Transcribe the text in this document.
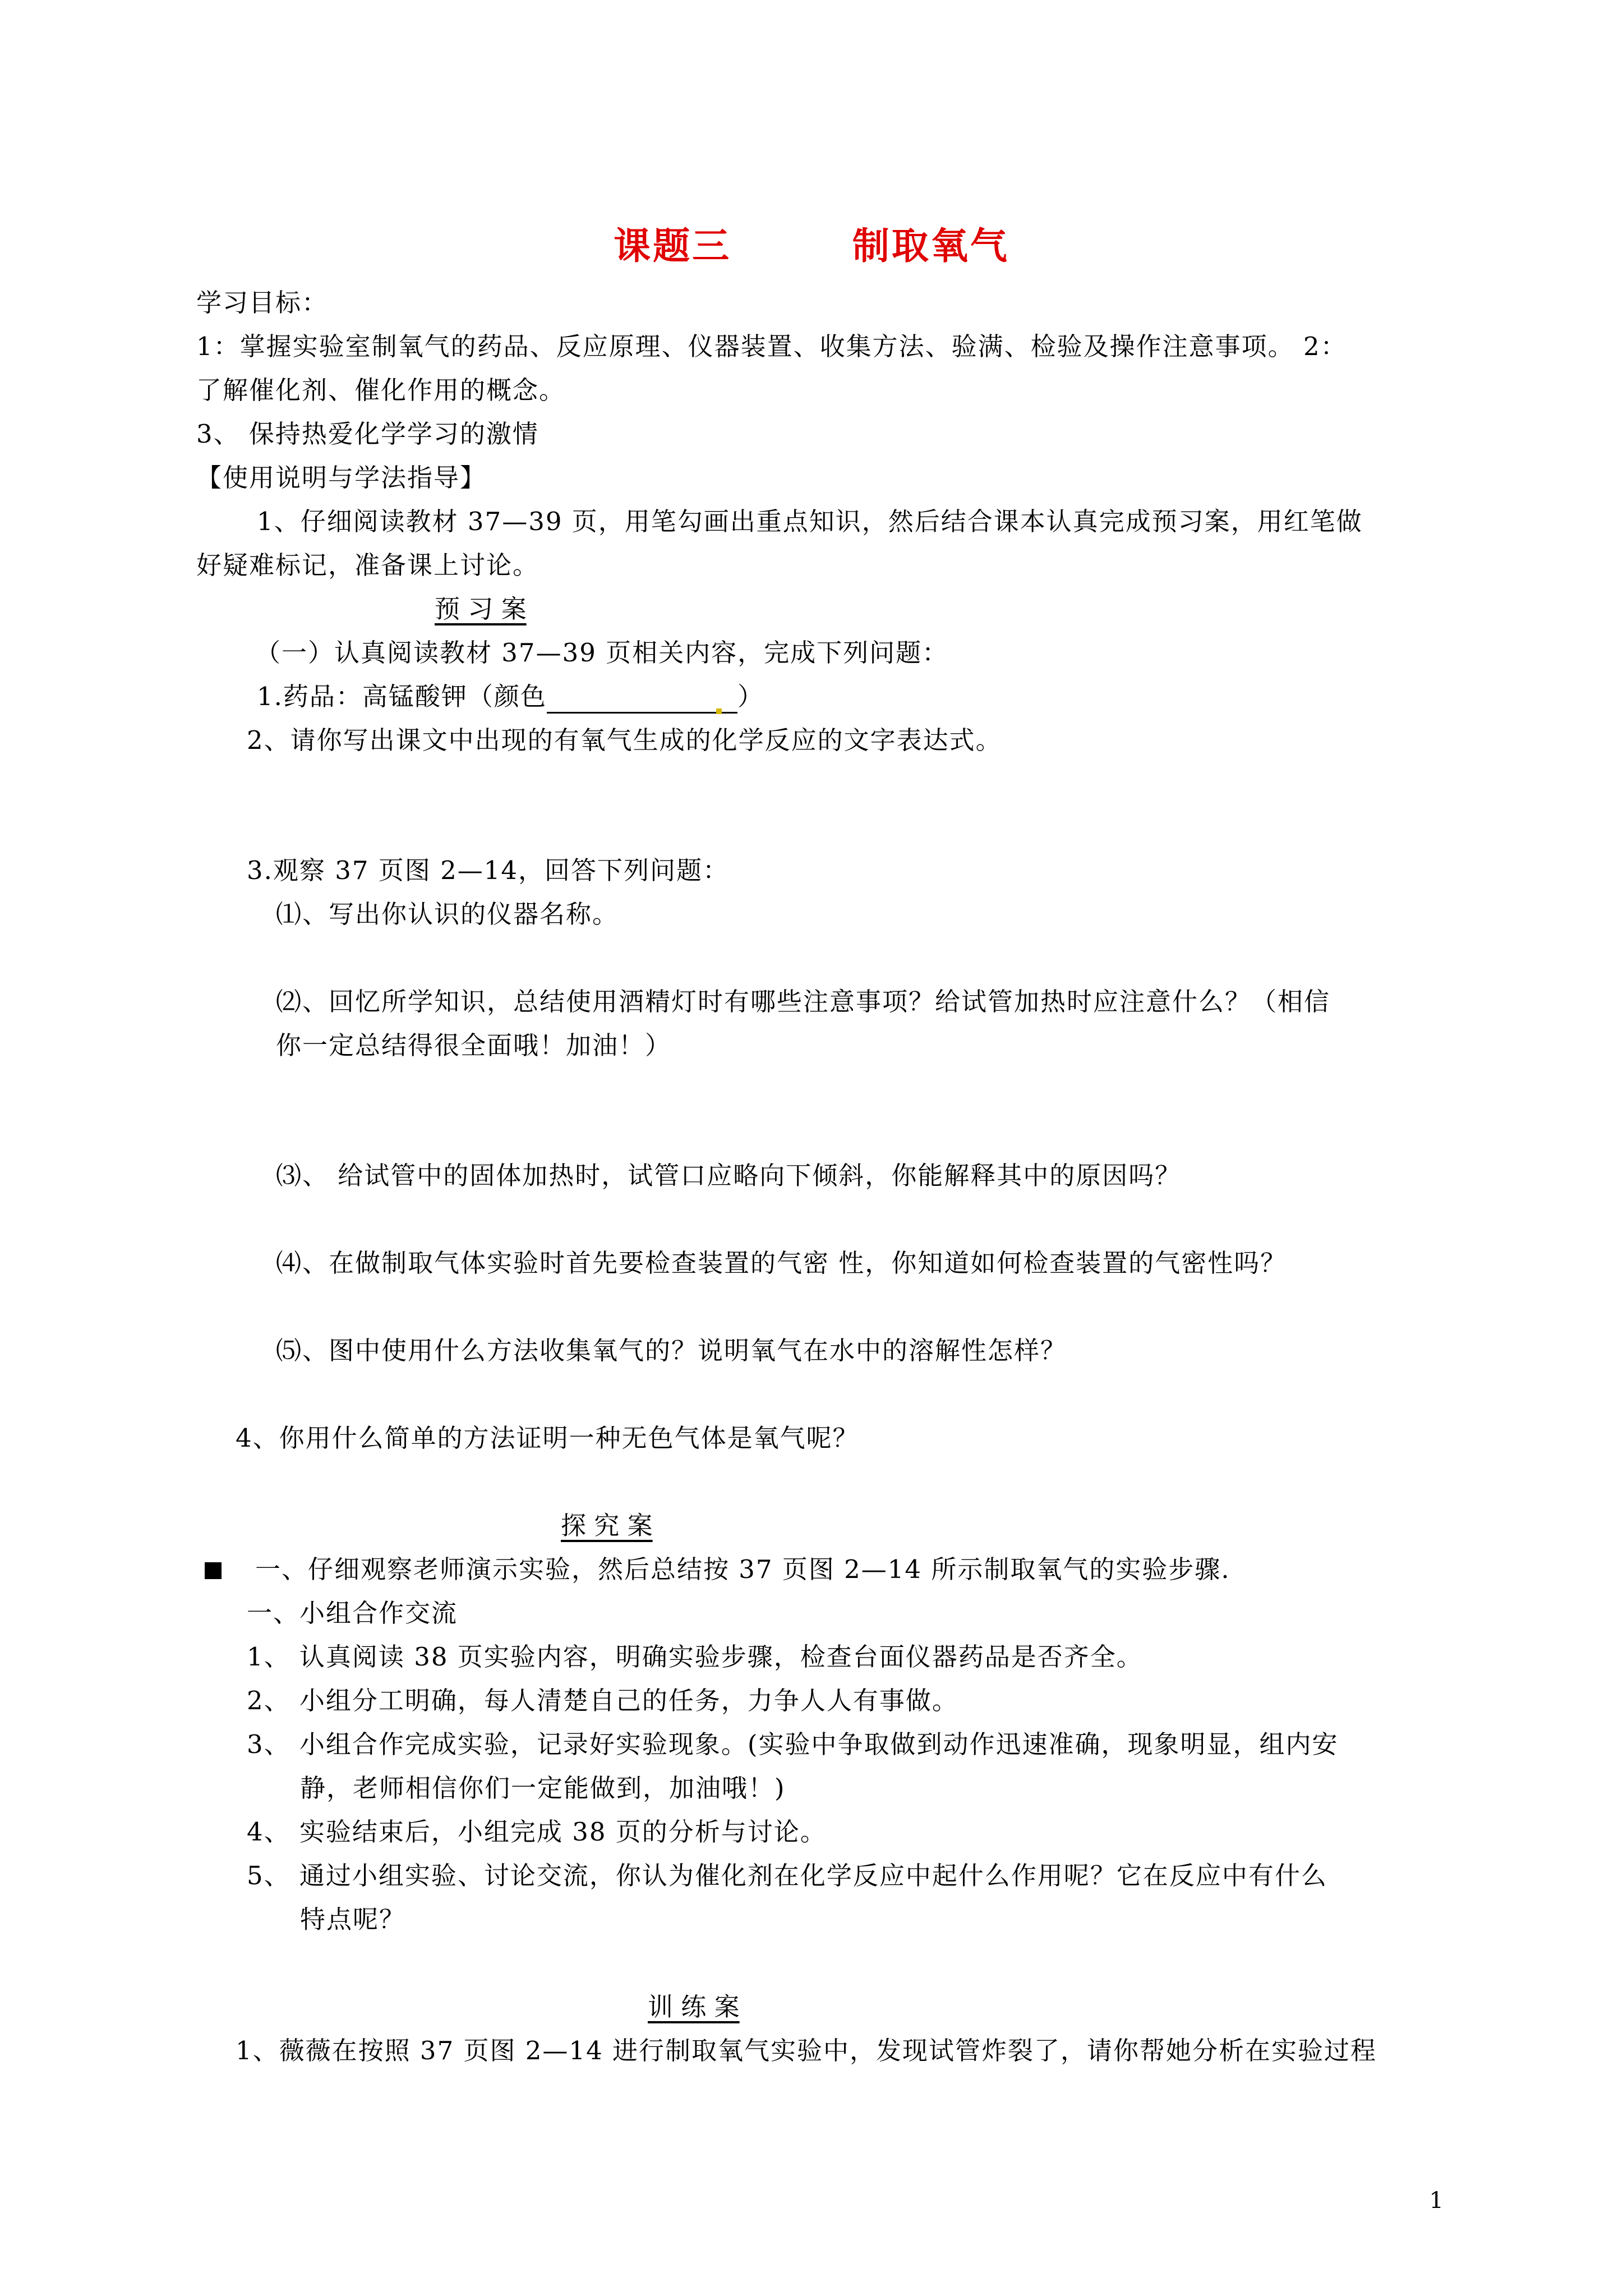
课题三        制取氧气
学习目标：
1：掌握实验室制氧气的药品、反应原理、仪器装置、收集方法、验满、检验及操作注意事项。 2：
了解催化剂、催化作用的概念。
3、 保持热爱化学学习的激情
【使用说明与学法指导】
1、仔细阅读教材 37—39 页，用笔勾画出重点知识，然后结合课本认真完成预习案，用红笔做
好疑难标记，准备课上讨论。
预 习 案
（一）认真阅读教材 37—39 页相关内容，完成下列问题：
1.药品：高锰酸钾（颜色	）
2、请你写出课文中出现的有氧气生成的化学反应的文字表达式。
3.观察 37 页图 2—14，回答下列问题：
⑴、写出你认识的仪器名称。
⑵、回忆所学知识，总结使用酒精灯时有哪些注意事项？给试管加热时应注意什么？（相信
你一定总结得很全面哦！加油！）
⑶、 给试管中的固体加热时，试管口应略向下倾斜，你能解释其中的原因吗？
⑷、在做制取气体实验时首先要检查装置的气密 性，你知道如何检查装置的气密性吗？
⑸、图中使用什么方法收集氧气的？说明氧气在水中的溶解性怎样？
4、你用什么简单的方法证明一种无色气体是氧气呢？
探 究 案
一、仔细观察老师演示实验，然后总结按 37 页图 2—14 所示制取氧气的实验步骤.
一、小组合作交流
1、 认真阅读 38 页实验内容，明确实验步骤，检查台面仪器药品是否齐全。
2、 小组分工明确，每人清楚自己的任务，力争人人有事做。
3、 小组合作完成实验，记录好实验现象。(实验中争取做到动作迅速准确，现象明显，组内安
静，老师相信你们一定能做到，加油哦！)
4、 实验结束后，小组完成 38 页的分析与讨论。
5、 通过小组实验、讨论交流，你认为催化剂在化学反应中起什么作用呢？它在反应中有什么
特点呢？
训 练 案
1、薇薇在按照 37 页图 2—14 进行制取氧气实验中，发现试管炸裂了，请你帮她分析在实验过程
1
